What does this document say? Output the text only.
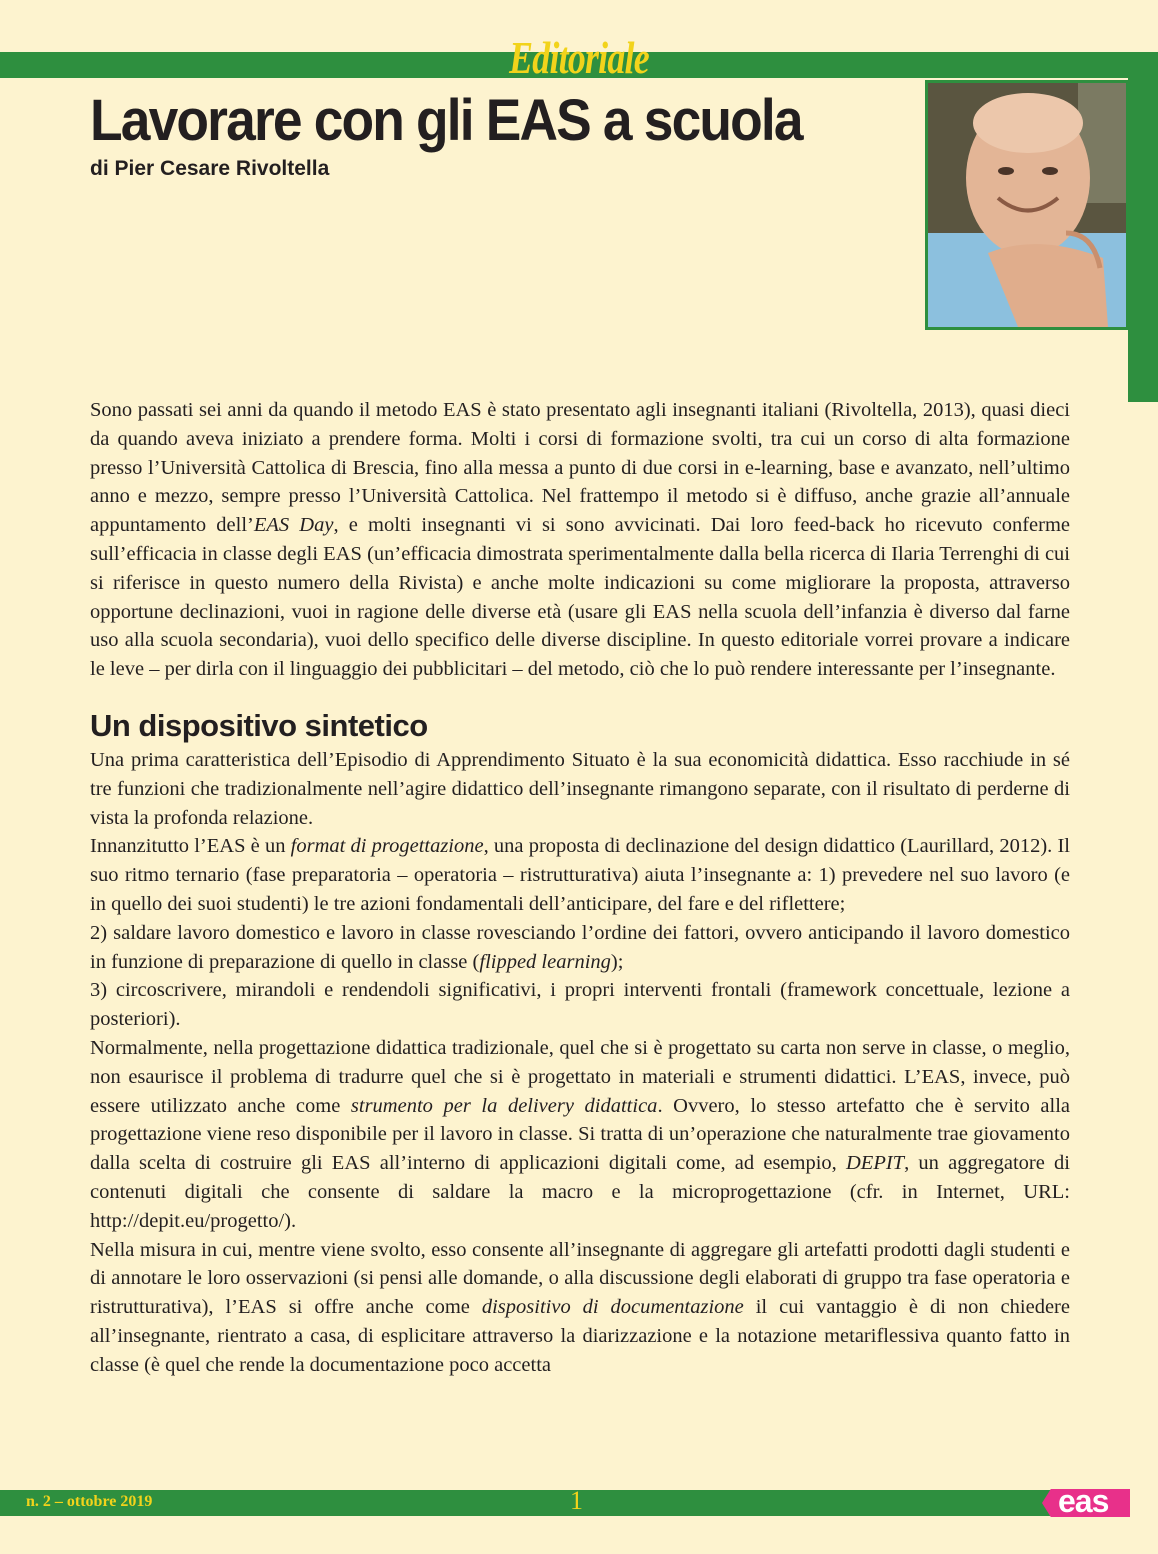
Editoriale
Lavorare con gli EAS a scuola
di Pier Cesare Rivoltella

Sono passati sei anni da quando il metodo EAS è stato presentato agli insegnanti italiani (Rivoltella, 2013), quasi dieci da quando aveva iniziato a prendere forma. Molti i corsi di formazione svolti, tra cui un corso di alta formazione presso l’Università Cattolica di Brescia, fino alla messa a punto di due corsi in e-learning, base e avanzato, nell’ultimo anno e mezzo, sempre presso l’Università Cattolica. Nel frattempo il metodo si è diffuso, anche grazie all’annuale appuntamento dell’EAS Day, e molti insegnanti vi si sono avvicinati. Dai loro feed-back ho ricevuto conferme sull’efficacia in classe degli EAS (un’efficacia dimostrata sperimentalmente dalla bella ricerca di Ilaria Terrenghi di cui si riferisce in questo numero della Rivista) e anche molte indicazioni su come migliorare la proposta, attraverso opportune declinazioni, vuoi in ragione delle diverse età (usare gli EAS nella scuola dell’infanzia è diverso dal farne uso alla scuola secondaria), vuoi dello specifico delle diverse discipline. In questo editoriale vorrei provare a indicare le leve – per dirla con il linguaggio dei pubblicitari – del metodo, ciò che lo può rendere interessante per l’insegnante.

Un dispositivo sintetico

Una prima caratteristica dell’Episodio di Apprendimento Situato è la sua economicità didattica. Esso racchiude in sé tre funzioni che tradizionalmente nell’agire didattico dell’insegnante rimangono separate, con il risultato di perderne di vista la profonda relazione.

Innanzitutto l’EAS è un format di progettazione, una proposta di declinazione del design didattico (Laurillard, 2012). Il suo ritmo ternario (fase preparatoria – operatoria – ristrutturativa) aiuta l’insegnante a: 1) prevedere nel suo lavoro (e in quello dei suoi studenti) le tre azioni fondamentali dell’anticipare, del fare e del riflettere;

2) saldare lavoro domestico e lavoro in classe rovesciando l’ordine dei fattori, ovvero anticipando il lavoro domestico in funzione di preparazione di quello in classe (flipped learning);

3) circoscrivere, mirandoli e rendendoli significativi, i propri interventi frontali (framework concettuale, lezione a posteriori).

Normalmente, nella progettazione didattica tradizionale, quel che si è progettato su carta non serve in classe, o meglio, non esaurisce il problema di tradurre quel che si è progettato in materiali e strumenti didattici. L’EAS, invece, può essere utilizzato anche come strumento per la delivery didattica. Ovvero, lo stesso artefatto che è servito alla progettazione viene reso disponibile per il lavoro in classe. Si tratta di un’operazione che naturalmente trae giovamento dalla scelta di costruire gli EAS all’interno di applicazioni digitali come, ad esempio, DEPIT, un aggregatore di contenuti digitali che consente di saldare la macro e la microprogettazione (cfr. in Internet, URL: http://depit.eu/progetto/).

Nella misura in cui, mentre viene svolto, esso consente all’insegnante di aggregare gli artefatti prodotti dagli studenti e di annotare le loro osservazioni (si pensi alle domande, o alla discussione degli elaborati di gruppo tra fase operatoria e ristrutturativa), l’EAS si offre anche come dispositivo di documentazione il cui vantaggio è di non chiedere all’insegnante, rientrato a casa, di esplicitare attraverso la diarizzazione e la notazione metariflessiva quanto fatto in classe (è quel che rende la documentazione poco accetta

n. 2 – ottobre 2019	1	eas
